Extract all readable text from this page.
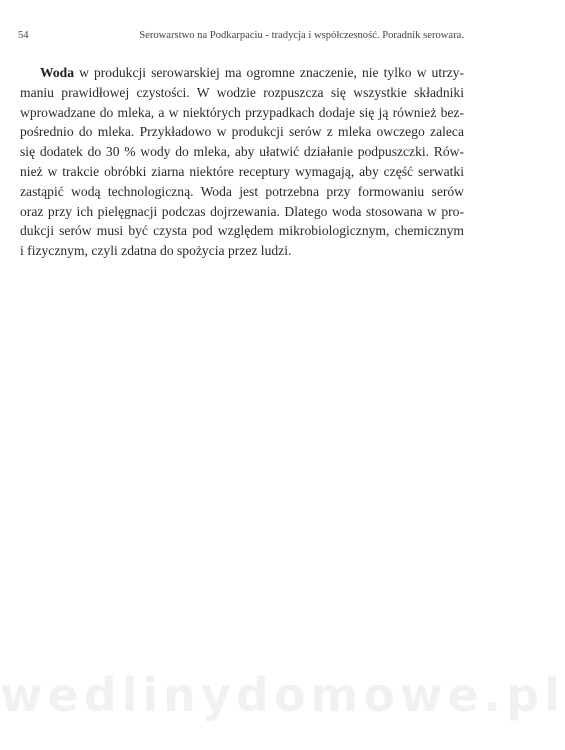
54	Serowarstwo na Podkarpaciu - tradycja i współczesność. Poradnik serowara.
Woda w produkcji serowarskiej ma ogromne znaczenie, nie tylko w utrzy-
maniu prawidłowej czystości. W wodzie rozpuszcza się wszystkie składniki
wprowadzane do mleka, a w niektórych przypadkach dodaje się ją również bez-
pośrednio do mleka. Przykładowo w produkcji serów z mleka owczego zaleca
się dodatek do 30 % wody do mleka, aby ułatwić działanie podpuszczki. Rów-
nież w trakcie obróbki ziarna niektóre receptury wymagają, aby część serwatki
zastąpić wodą technologiczną. Woda jest potrzebna przy formowaniu serów
oraz przy ich pielęgnacji podczas dojrzewania. Dlatego woda stosowana w pro-
dukcji serów musi być czysta pod względem mikrobiologicznym, chemicznym
i fizycznym, czyli zdatna do spożycia przez ludzi.
wedlinydomowe.pl
